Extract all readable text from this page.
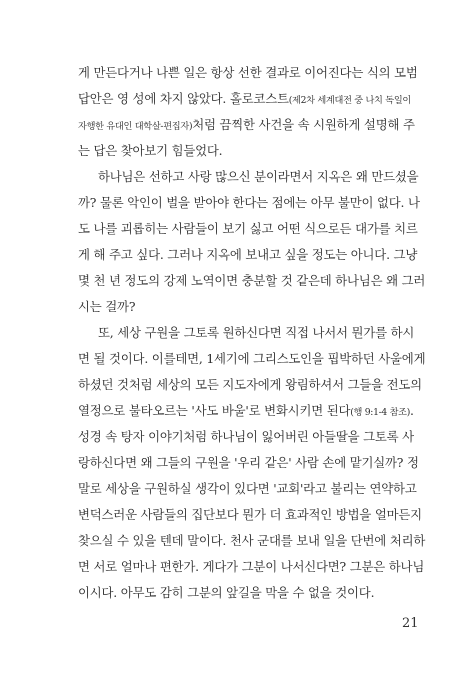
게 만든다거나 나쁜 일은 항상 선한 결과로 이어진다는 식의 모범
답안은 영 성에 차지 않았다. 홀로코스트(제2차 세계대전 중 나치 독일이
자행한 유대인 대학살-편집자)처럼 끔찍한 사건을 속 시원하게 설명해 주
는 답은 찾아보기 힘들었다.
하나님은 선하고 사랑 많으신 분이라면서 지옥은 왜 만드셨을
까? 물론 악인이 벌을 받아야 한다는 점에는 아무 불만이 없다. 나
도 나를 괴롭히는 사람들이 보기 싫고 어떤 식으로든 대가를 치르
게 해 주고 싶다. 그러나 지옥에 보내고 싶을 정도는 아니다. 그냥
몇 천 년 정도의 강제 노역이면 충분할 것 같은데 하나님은 왜 그러
시는 걸까?
또, 세상 구원을 그토록 원하신다면 직접 나서서 뭔가를 하시
면 될 것이다. 이를테면, 1세기에 그리스도인을 핍박하던 사울에게
하셨던 것처럼 세상의 모든 지도자에게 왕림하셔서 그들을 전도의
열정으로 불타오르는 '사도 바울'로 변화시키면 된다(행 9:1-4 참조).
성경 속 탕자 이야기처럼 하나님이 잃어버린 아들딸을 그토록 사
랑하신다면 왜 그들의 구원을 '우리 같은' 사람 손에 맡기실까? 정
말로 세상을 구원하실 생각이 있다면 '교회'라고 불리는 연약하고
변덕스러운 사람들의 집단보다 뭔가 더 효과적인 방법을 얼마든지
찾으실 수 있을 텐데 말이다. 천사 군대를 보내 일을 단번에 처리하
면 서로 얼마나 편한가. 게다가 그분이 나서신다면? 그분은 하나님
이시다. 아무도 감히 그분의 앞길을 막을 수 없을 것이다.
21
